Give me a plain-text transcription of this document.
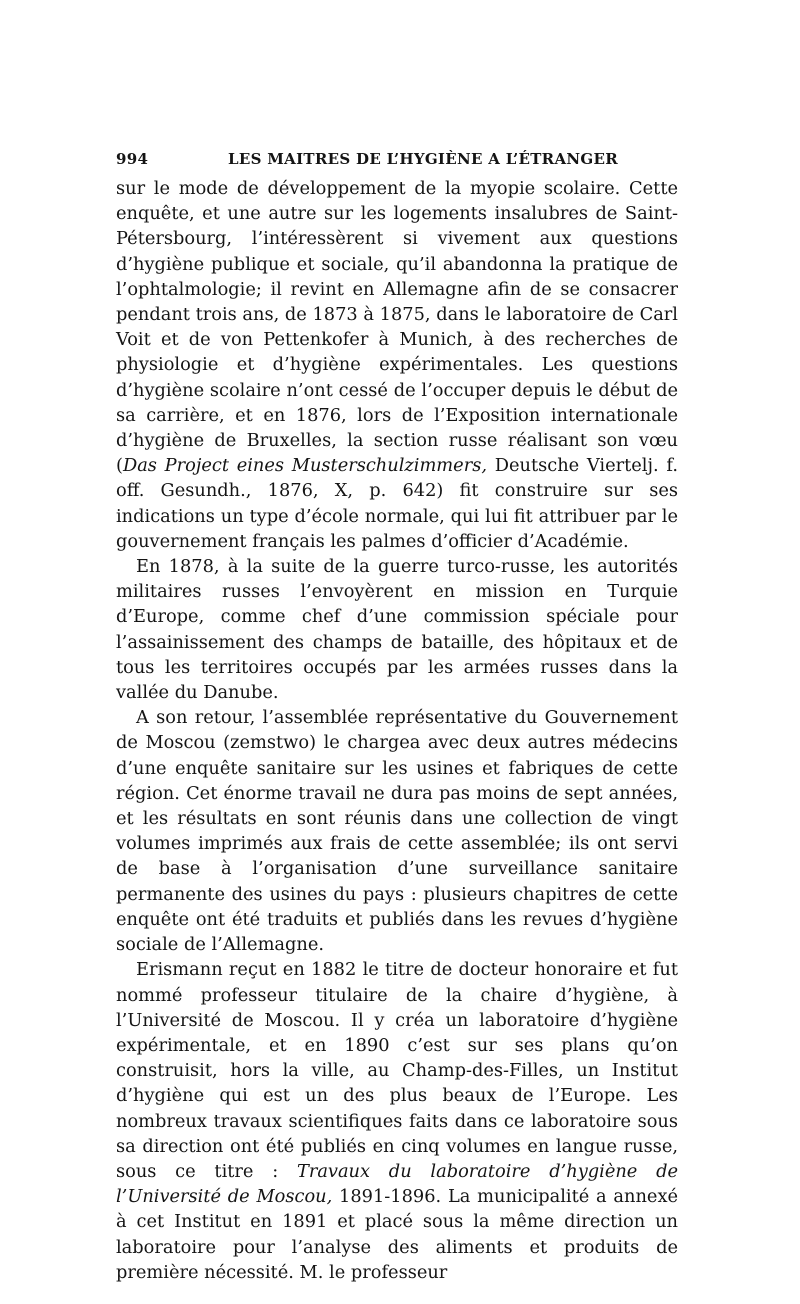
994	LES MAITRES DE L’HYGIÈNE A L’ÉTRANGER

sur le mode de développement de la myopie scolaire. Cette enquête, et une autre sur les logements insalubres de Saint-Pétersbourg, l’intéressèrent si vivement aux questions d’hygiène publique et sociale, qu’il abandonna la pratique de l’ophtalmologie; il revint en Allemagne afin de se consacrer pendant trois ans, de 1873 à 1875, dans le laboratoire de Carl Voit et de von Pettenkofer à Munich, à des recherches de physiologie et d’hygiène expérimentales. Les questions d’hygiène scolaire n’ont cessé de l’occuper depuis le début de sa carrière, et en 1876, lors de l’Exposition internationale d’hygiène de Bruxelles, la section russe réalisant son vœu (Das Project eines Musterschulzimmers, Deutsche Viertelj. f. off. Gesundh., 1876, X, p. 642) fit construire sur ses indications un type d’école normale, qui lui fit attribuer par le gouvernement français les palmes d’officier d’Académie.

En 1878, à la suite de la guerre turco-russe, les autorités militaires russes l’envoyèrent en mission en Turquie d’Europe, comme chef d’une commission spéciale pour l’assainissement des champs de bataille, des hôpitaux et de tous les territoires occupés par les armées russes dans la vallée du Danube.

A son retour, l’assemblée représentative du Gouvernement de Moscou (zemstwo) le chargea avec deux autres médecins d’une enquête sanitaire sur les usines et fabriques de cette région. Cet énorme travail ne dura pas moins de sept années, et les résultats en sont réunis dans une collection de vingt volumes imprimés aux frais de cette assemblée; ils ont servi de base à l’organisation d’une surveillance sanitaire permanente des usines du pays : plusieurs chapitres de cette enquête ont été traduits et publiés dans les revues d’hygiène sociale de l’Allemagne.

Erismann reçut en 1882 le titre de docteur honoraire et fut nommé professeur titulaire de la chaire d’hygiène, à l’Université de Moscou. Il y créa un laboratoire d’hygiène expérimentale, et en 1890 c’est sur ses plans qu’on construisit, hors la ville, au Champ-des-Filles, un Institut d’hygiène qui est un des plus beaux de l’Europe. Les nombreux travaux scientifiques faits dans ce laboratoire sous sa direction ont été publiés en cinq volumes en langue russe, sous ce titre : Travaux du laboratoire d’hygiène de l’Université de Moscou, 1891-1896. La municipalité a annexé à cet Institut en 1891 et placé sous la même direction un laboratoire pour l’analyse des aliments et produits de première nécessité. M. le professeur
